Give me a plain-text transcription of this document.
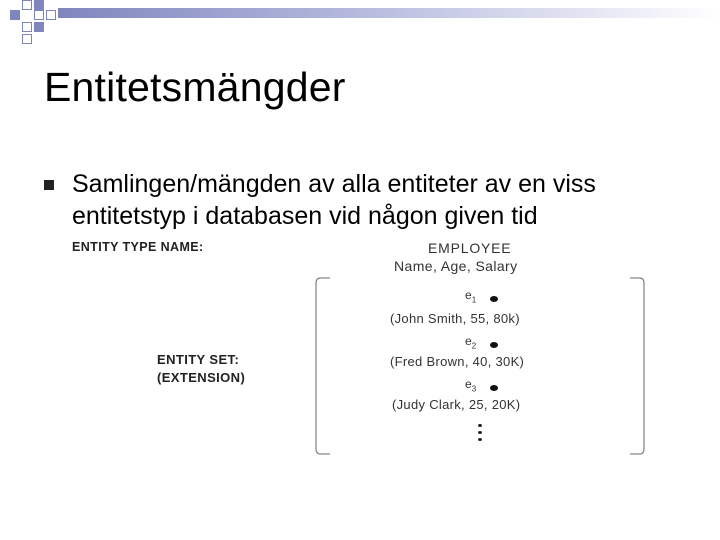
Entitetsmängder
Samlingen/mängden av alla entiteter av en viss entitetstyp i databasen vid någon given tid
ENTITY TYPE NAME:	EMPLOYEE
Name, Age, Salary
ENTITY SET:
(EXTENSION)
$e_1$
(John Smith, 55, 80k)
$e_2$
(Fred Brown, 40, 30K)
$e_3$
(Judy Clark, 25, 20K)
